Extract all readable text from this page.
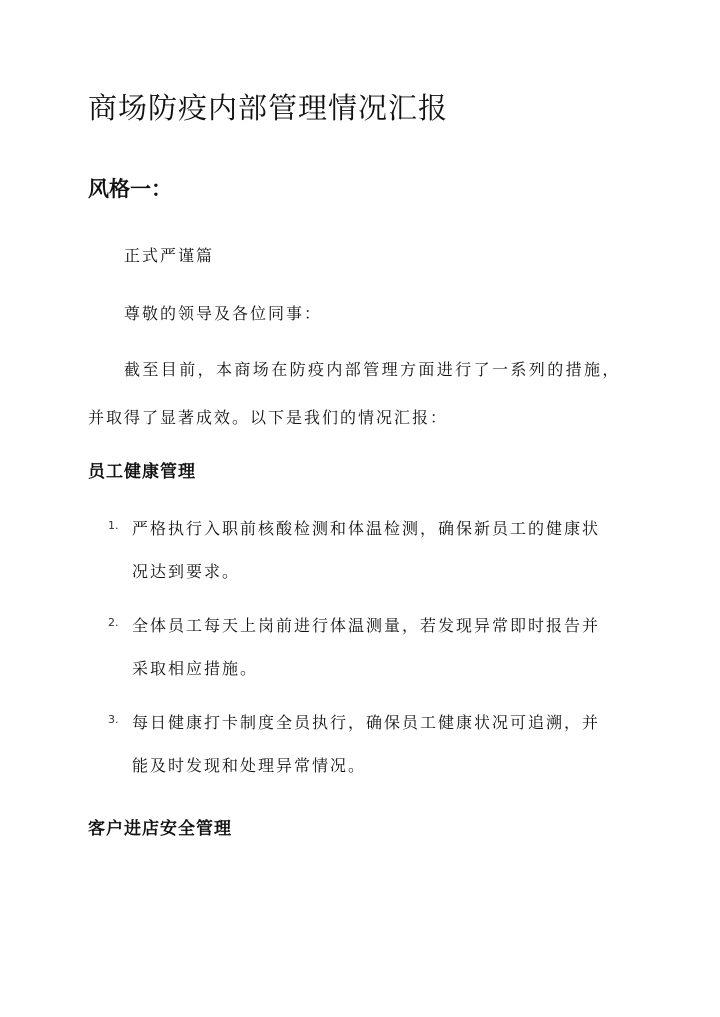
商场防疫内部管理情况汇报
风格一：

正式严谨篇

尊敬的领导及各位同事：

截至目前，本商场在防疫内部管理方面进行了一系列的措施，

并取得了显著成效。以下是我们的情况汇报：

员工健康管理
1. 严格执行入职前核酸检测和体温检测，确保新员工的健康状
况达到要求。
2. 全体员工每天上岗前进行体温测量，若发现异常即时报告并
采取相应措施。
3. 每日健康打卡制度全员执行，确保员工健康状况可追溯，并
能及时发现和处理异常情况。
客户进店安全管理
